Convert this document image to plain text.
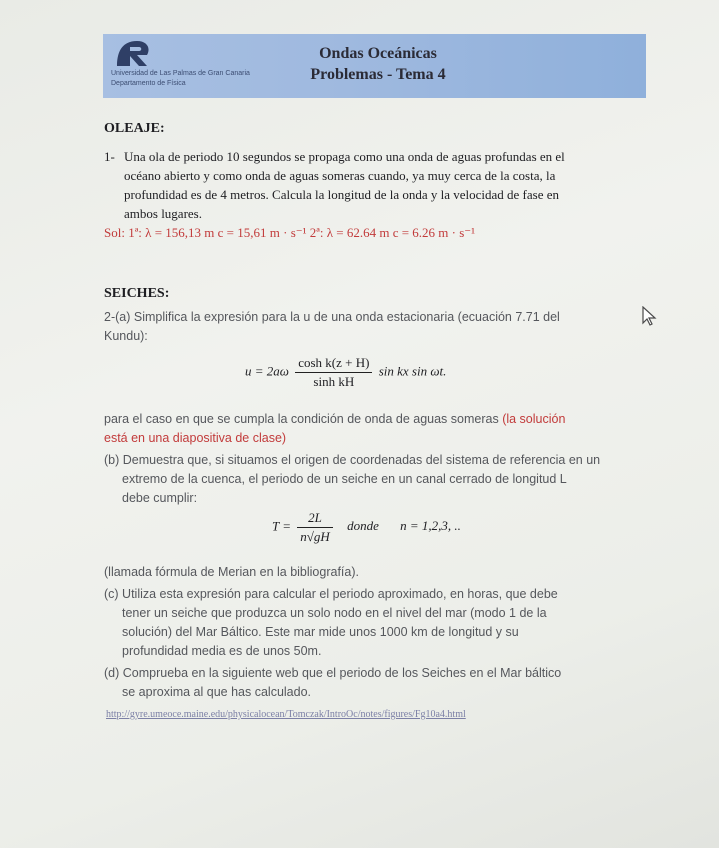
Universidad de Las Palmas de Gran Canaria
Departamento de Física
Ondas Oceánicas
Problemas - Tema 4
OLEAJE:
1- Una ola de periodo 10 segundos se propaga como una onda de aguas profundas en el
océano abierto y como onda de aguas someras cuando, ya muy cerca de la costa, la
profundidad es de 4 metros. Calcula la longitud de la onda y la velocidad de fase en
ambos lugares.
Sol: 1ª: λ = 156,13 m c = 15,61 m · s⁻¹ 2ª: λ = 62.64 m c = 6.26 m · s⁻¹
SEICHES:
2-(a) Simplifica la expresión para la u de una onda estacionaria (ecuación 7.71 del
Kundu):
$u = 2a\omega \frac{\text{cosh k(z + H)}}{\text{sinh kH}}$ sin kx sin ωt.
para el caso en que se cumpla la condición de onda de aguas someras (la solución
está en una diapositiva de clase)
(b) Demuestra que, si situamos el origen de coordenadas del sistema de referencia en un
extremo de la cuenca, el periodo de un seiche en un canal cerrado de longitud L
debe cumplir:
$T = \frac{2L}{n√gH}$ donde n = 1,2,3, ..
(llamada fórmula de Merian en la bibliografía).
(c) Utiliza esta expresión para calcular el periodo aproximado, en horas, que debe
tener un seiche que produzca un solo nodo en el nivel del mar (modo 1 de la
solución) del Mar Báltico. Este mar mide unos 1000 km de longitud y su
profundidad media es de unos 50m.
(d) Comprueba en la siguiente web que el periodo de los Seiches en el Mar báltico
se aproxima al que has calculado.
http://gyre.umeoce.maine.edu/physicalocean/Tomczak/IntroOc/notes/figures/Fg10a4.html
